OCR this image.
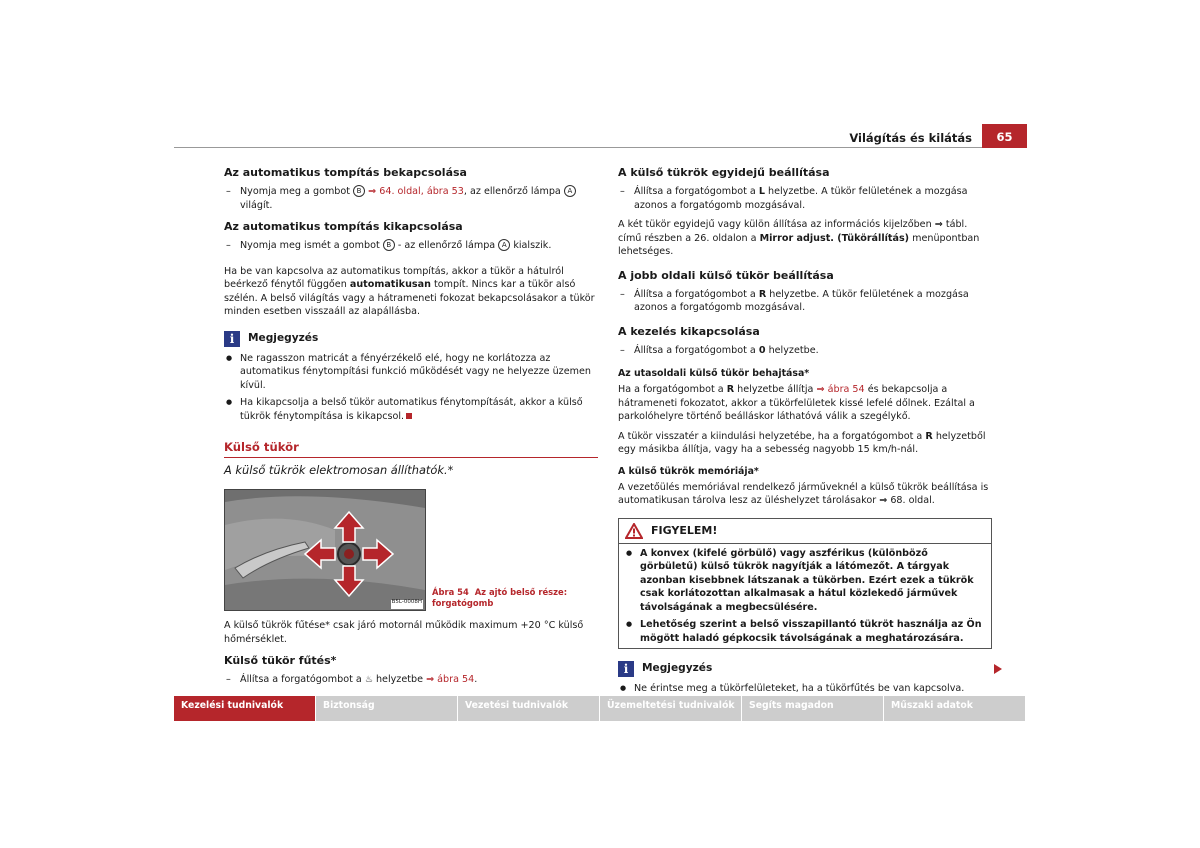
Világítás és kilátás	65
Az automatikus tompítás bekapcsolása
– Nyomja meg a gombot B ⇒ 64. oldal, ábra 53, az ellenőrző lámpa A világít.
Az automatikus tompítás kikapcsolása
– Nyomja meg ismét a gombot B - az ellenőrző lámpa A kialszik.

Ha be van kapcsolva az automatikus tompítás, akkor a tükör a hátulról beérkező fénytől függően automatikusan tompít. Nincs kar a tükör alsó szélén. A belső világítás vagy a hátrameneti fokozat bekapcsolásakor a tükör minden esetben visszaáll az alapállásba.

i	Megjegyzés
● Ne ragasszon matricát a fényérzékelő elé, hogy ne korlátozza az automatikus fénytompítási funkció működését vagy ne helyezze üzemen kívül.
● Ha kikapcsolja a belső tükör automatikus fénytompítását, akkor a külső tükrök fénytompítása is kikapcsol.
Külső tükör
A külső tükrök elektromosan állíthatók.*
B5L-0008H
Ábra 54 Az ajtó belső része: forgatógomb

A külső tükrök fűtése* csak járó motornál működik maximum +20 °C külső hőmérséklet.

Külső tükör fűtés*
– Állítsa a forgatógombot a ♨ helyzetbe ⇒ ábra 54.
A külső tükrök egyidejű beállítása
– Állítsa a forgatógombot a L helyzetbe. A tükör felületének a mozgása azonos a forgatógomb mozgásával.

A két tükör egyidejű vagy külön állítása az információs kijelzőben ⇒ tábl. című részben a 26. oldalon a Mirror adjust. (Tükörállítás) menüpontban lehetséges.

A jobb oldali külső tükör beállítása
– Állítsa a forgatógombot a R helyzetbe. A tükör felületének a mozgása azonos a forgatógomb mozgásával.
A kezelés kikapcsolása
– Állítsa a forgatógombot a 0 helyzetbe.
Az utasoldali külső tükör behajtása*

Ha a forgatógombot a R helyzetbe állítja ⇒ ábra 54 és bekapcsolja a hátrameneti fokozatot, akkor a tükörfelületek kissé lefelé dőlnek. Ezáltal a parkolóhelyre történő beálláskor láthatóvá válik a szegélykő.

A tükör visszatér a kiindulási helyzetébe, ha a forgatógombot a R helyzetből egy másikba állítja, vagy ha a sebesség nagyobb 15 km/h-nál.

A külső tükrök memóriája*

A vezetőülés memóriával rendelkező járműveknél a külső tükrök beállítása is automatikusan tárolva lesz az üléshelyzet tárolásakor ⇒ 68. oldal.

FIGYELEM!
● A konvex (kifelé görbülő) vagy aszférikus (különböző görbületű) külső tükrök nagyítják a látómezőt. A tárgyak azonban kisebbnek látszanak a tükörben. Ezért ezek a tükrök csak korlátozottan alkalmasak a hátul közlekedő járművek távolságának a megbecsülésére.
● Lehetőség szerint a belső visszapillantó tükröt használja az Ön mögött haladó gépkocsik távolságának a meghatározására.
i	Megjegyzés
● Ne érintse meg a tükörfelületeket, ha a tükörfűtés be van kapcsolva.
Kezelési tudnivalók	Biztonság	Vezetési tudnivalók	Üzemeltetési tudnivalók	Segíts magadon	Műszaki adatok
